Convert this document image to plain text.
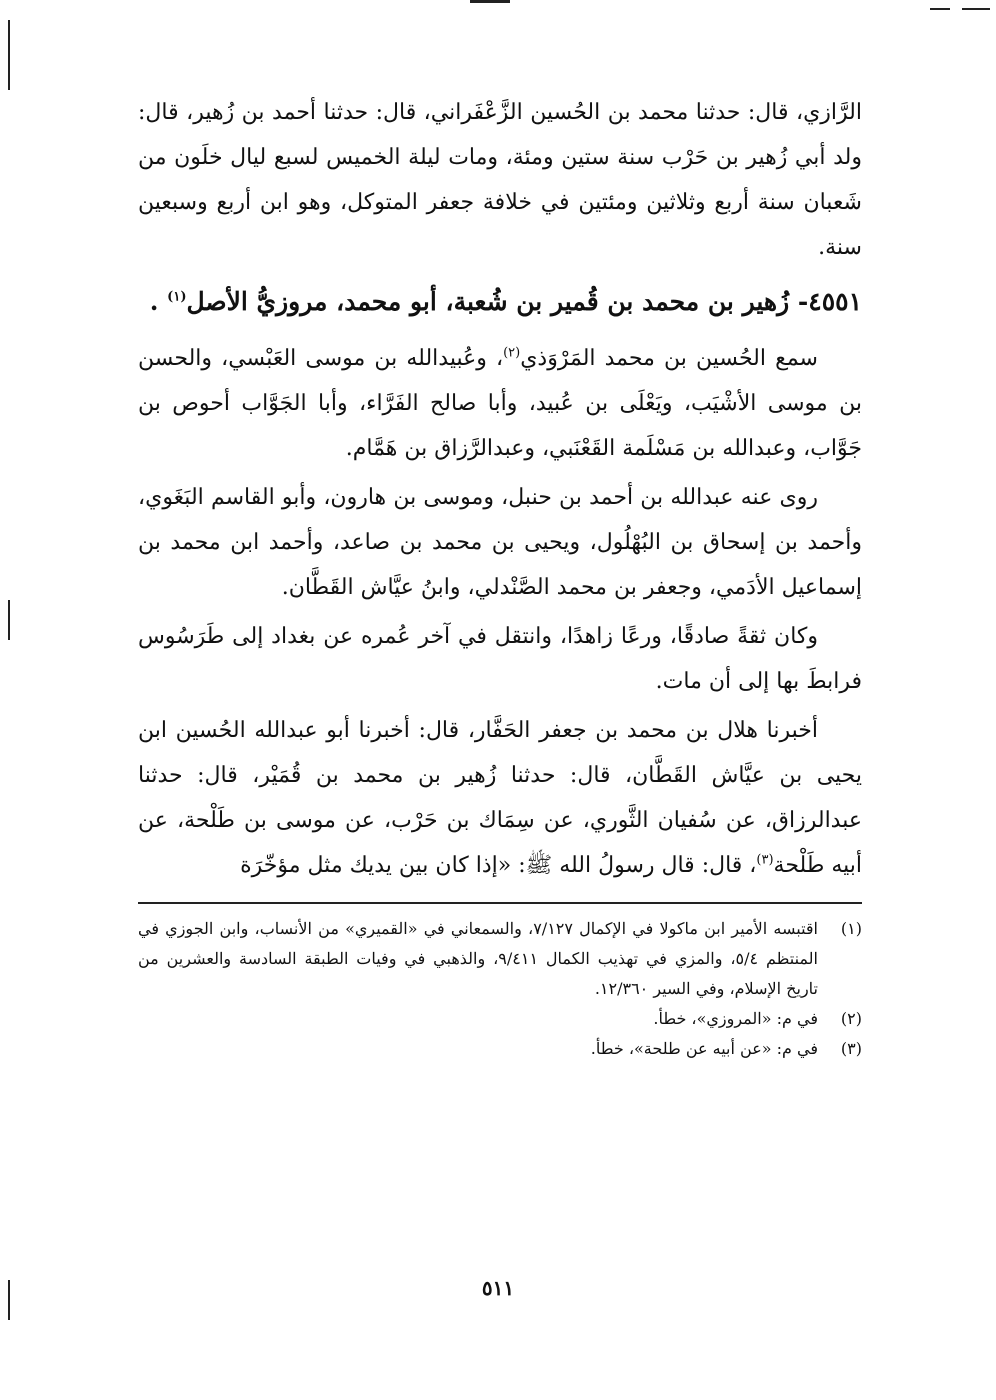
الرَّازي، قال: حدثنا محمد بن الحُسين الزَّعْفَراني، قال: حدثنا أحمد بن زُهير، قال: ولد أبي زُهير بن حَرْب سنة ستين ومئة، ومات ليلة الخميس لسبع ليال خلَون من شَعبان سنة أربع وثلاثين ومئتين في خلافة جعفر المتوكل، وهو ابن أربع وسبعين سنة.

٤٥٥١- زُهير بن محمد بن قُمير بن شُعبة، أبو محمد، مروزيُّ الأصل$^{(١)}$ .

سمع الحُسين بن محمد المَرْوَذي$^{(٢)}$، وعُبيدالله بن موسى العَبْسي، والحسن بن موسى الأشْيَب، ويَعْلَى بن عُبيد، وأبا صالح الفَرَّاء، وأبا الجَوَّاب أحوص بن جَوَّاب، وعبدالله بن مَسْلَمة القَعْنَبي، وعبدالرَّزاق بن هَمَّام.

روى عنه عبدالله بن أحمد بن حنبل، وموسى بن هارون، وأبو القاسم البَغَوي، وأحمد بن إسحاق بن البُهْلُول، ويحيى بن محمد بن صاعد، وأحمد ابن محمد بن إسماعيل الأدَمي، وجعفر بن محمد الصَّنْدلي، وابنُ عيَّاش القَطَّان.

وكان ثقةً صادقًا، ورعًا زاهدًا، وانتقل في آخر عُمره عن بغداد إلى طَرَسُوس فرابطَ بها إلى أن مات.

أخبرنا هلال بن محمد بن جعفر الحَفَّار، قال: أخبرنا أبو عبدالله الحُسين ابن يحيى بن عيَّاش القَطَّان، قال: حدثنا زُهير بن محمد بن قُمَيْر، قال: حدثنا عبدالرزاق، عن سُفيان الثَّوري، عن سِمَاك بن حَرْب، عن موسى بن طَلْحة، عن أبيه طَلْحة$^{(٣)}$، قال: قال رسولُ الله ﷺ: «إذا كان بين يديك مثل مؤخّرَة

(١)
اقتبسه الأمير ابن ماكولا في الإكمال ٧/١٢٧، والسمعاني في «القميري» من الأنساب، وابن الجوزي في المنتظم ٥/٤، والمزي في تهذيب الكمال ٩/٤١١، والذهبي في وفيات الطبقة السادسة والعشرين من تاريخ الإسلام، وفي السير ١٢/٣٦٠.
(٢)
في م: «المروزي»، خطأ.
(٣)
في م: «عن أبيه عن طلحة»، خطأ.
٥١١
